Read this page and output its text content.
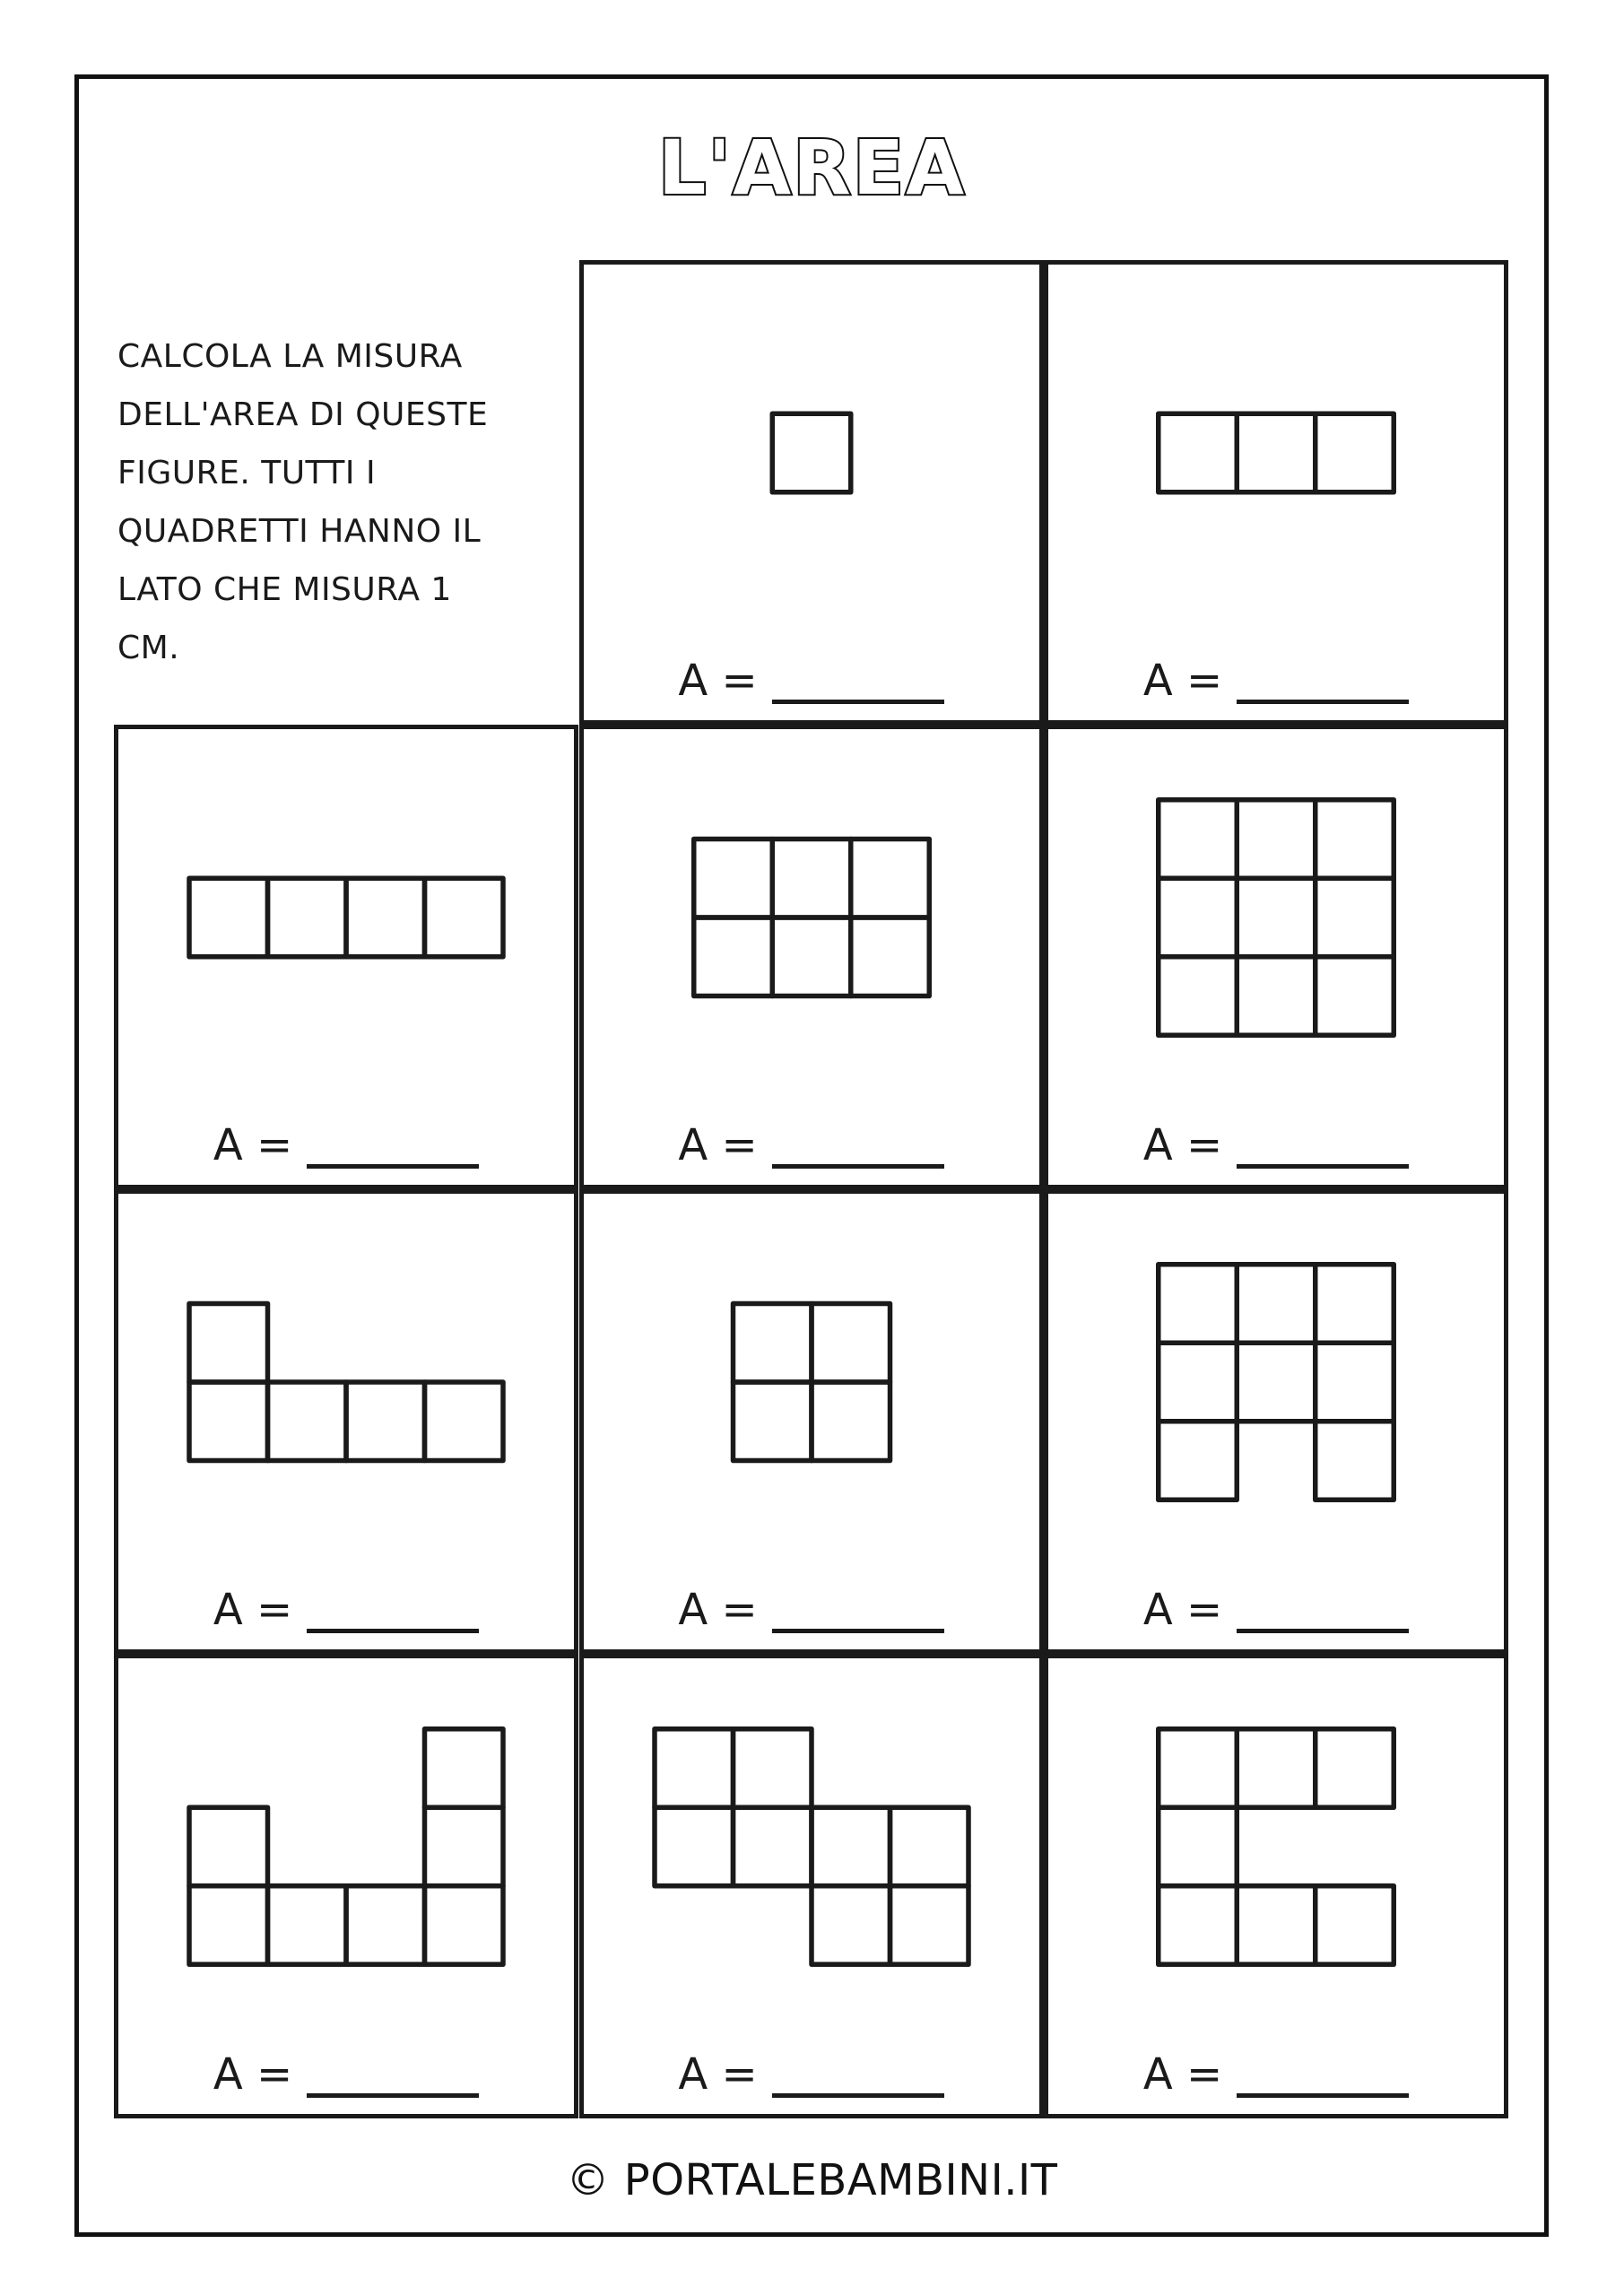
L'AREA
CALCOLA LA MISURA
DELL'AREA DI QUESTE
FIGURE. TUTTI I
QUADRETTI HANNO IL
LATO CHE MISURA 1
CM.
A =	A =
A =	A =	A =
A =	A =	A =
A =	A =	A =
© PORTALEBAMBINI.IT
